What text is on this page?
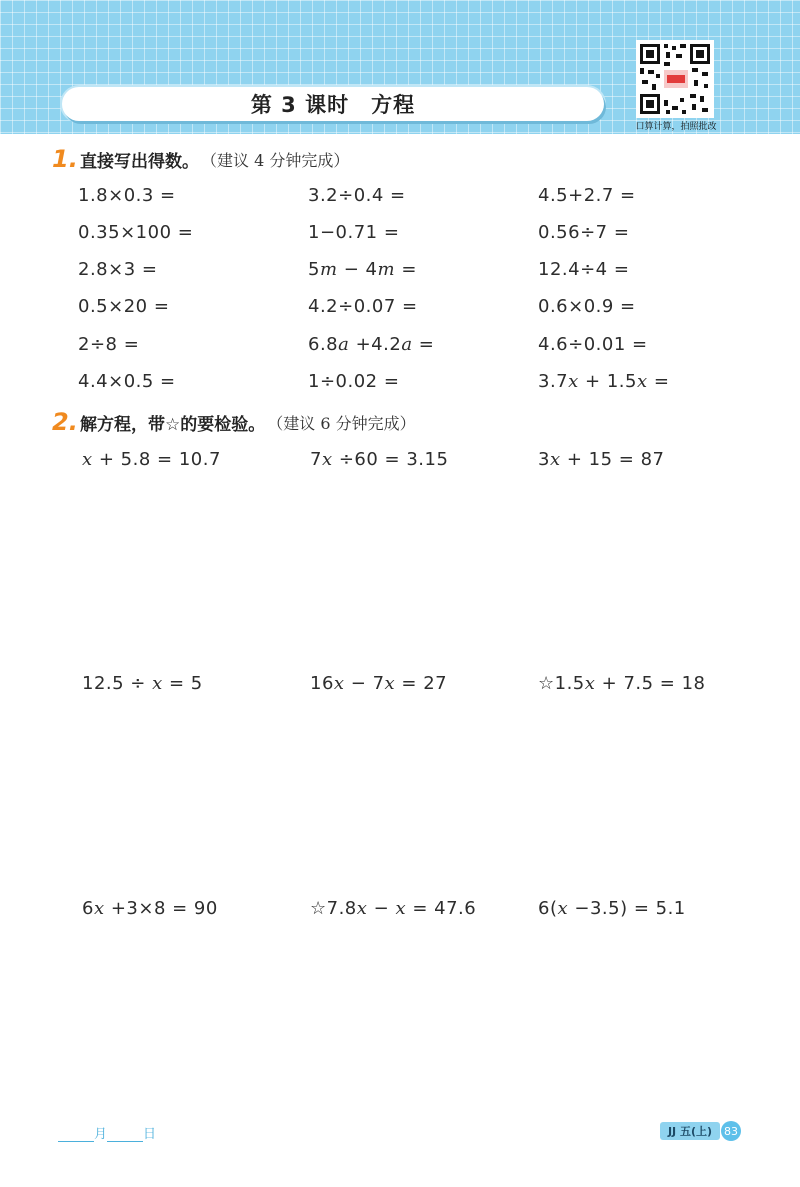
第 3 课时 方程
口算计算，拍照批改
1. 直接写出得数。 （建议 4 分钟完成）
1.8×0.3 =	3.2÷0.4 =	4.5+2.7 =
0.35×100 =	1−0.71 =	0.56÷7 =
2.8×3 =	5m − 4m =	12.4÷4 =
0.5×20 =	4.2÷0.07 =	0.6×0.9 =
2÷8 =	6.8a +4.2a =	4.6÷0.01 =
4.4×0.5 =	1÷0.02 =	3.7x + 1.5x =
2. 解方程，带☆的要检验。 （建议 6 分钟完成）
x + 5.8 = 10.7	7x ÷60 = 3.15	3x + 15 = 87
12.5 ÷ x = 5	16x − 7x = 27	☆1.5x + 7.5 = 18
6x +3×8 = 90	☆7.8x − x = 47.6	6(x −3.5) = 5.1
月	日	JJ 五(上)	83
